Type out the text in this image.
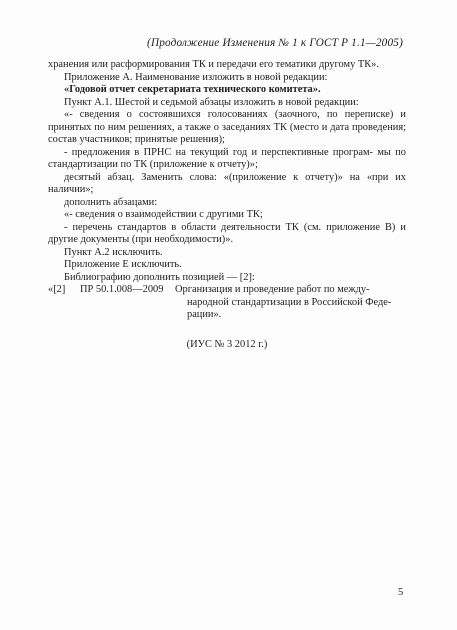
(Продолжение Изменения № 1 к ГОСТ Р 1.1—2005)

хранения или расформирования ТК и передачи его тематики другому ТК».

Приложение А. Наименование изложить в новой редакции:

«Годовой отчет секретариата технического комитета».

Пункт А.1. Шестой и седьмой абзацы изложить в новой редакции:

«- сведения о состоявшихся голосованиях (заочного, по переписке) и принятых по ним решениях, а также о заседаниях ТК (место и дата проведения; состав участников; принятые решения);

- предложения в ПРНС на текущий год и перспективные програм- мы по стандартизации по ТК (приложение к отчету)»;

десятый абзац. Заменить слова: «(приложение к отчету)» на «при их наличии»;

дополнить абзацами:

«- сведения о взаимодействии с другими ТК;

- перечень стандартов в области деятельности ТК (см. приложение В) и другие документы (при необходимости)».

Пункт А.2 исключить.

Приложение Е исключить.

Библиографию дополнить позицией — [2]:

«[2]	ПР 50.1.008—2009	Организация и проведение работ по между-
народной стандартизации в Российской Феде-
рации».
(ИУС № 3 2012 г.)
5
